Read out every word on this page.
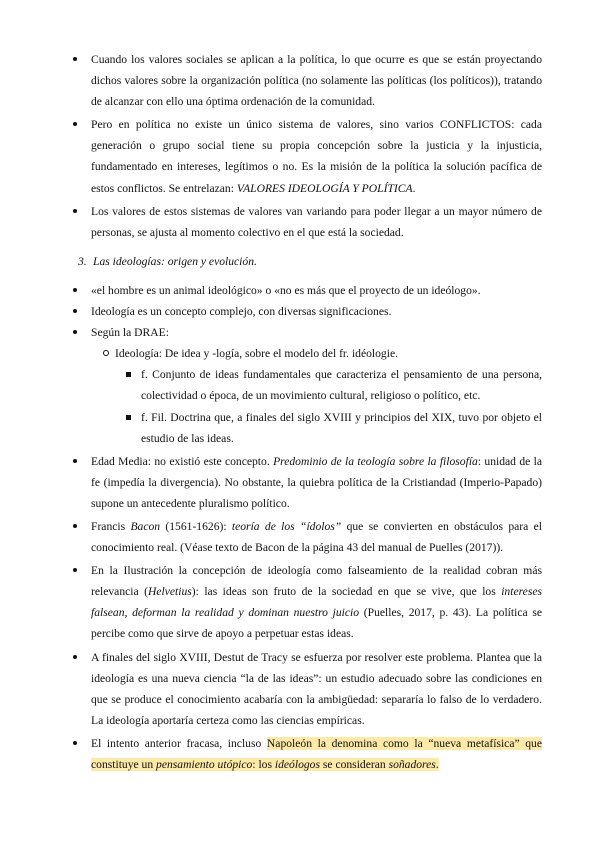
Cuando los valores sociales se aplican a la política, lo que ocurre es que se están proyectando dichos valores sobre la organización política (no solamente las políticas (los políticos)), tratando de alcanzar con ello una óptima ordenación de la comunidad.
Pero en política no existe un único sistema de valores, sino varios CONFLICTOS: cada generación o grupo social tiene su propia concepción sobre la justicia y la injusticia, fundamentado en intereses, legítimos o no. Es la misión de la política la solución pacífica de estos conflictos. Se entrelazan: VALORES IDEOLOGÍA Y POLÍTICA.
Los valores de estos sistemas de valores van variando para poder llegar a un mayor número de personas, se ajusta al momento colectivo en el que está la sociedad.
3. Las ideologías: origen y evolución.
«el hombre es un animal ideológico» o «no es más que el proyecto de un ideólogo».
Ideología es un concepto complejo, con diversas significaciones.
Según la DRAE:
Ideología: De idea y -logía, sobre el modelo del fr. idéologie.
f. Conjunto de ideas fundamentales que caracteriza el pensamiento de una persona, colectividad o época, de un movimiento cultural, religioso o político, etc.
f. Fil. Doctrina que, a finales del siglo XVIII y principios del XIX, tuvo por objeto el estudio de las ideas.
Edad Media: no existió este concepto. Predominio de la teología sobre la filosofía: unidad de la fe (impedía la divergencia). No obstante, la quiebra política de la Cristiandad (Imperio-Papado) supone un antecedente pluralismo político.
Francis Bacon (1561-1626): teoría de los “ídolos” que se convierten en obstáculos para el conocimiento real. (Véase texto de Bacon de la página 43 del manual de Puelles (2017)).
En la Ilustración la concepción de ideología como falseamiento de la realidad cobran más relevancia (Helvetius): las ideas son fruto de la sociedad en que se vive, que los intereses falsean, deforman la realidad y dominan nuestro juicio (Puelles, 2017, p. 43). La política se percibe como que sirve de apoyo a perpetuar estas ideas.
A finales del siglo XVIII, Destut de Tracy se esfuerza por resolver este problema. Plantea que la ideología es una nueva ciencia “la de las ideas”: un estudio adecuado sobre las condiciones en que se produce el conocimiento acabaría con la ambigüedad: separaría lo falso de lo verdadero. La ideología aportaría certeza como las ciencias empíricas.
El intento anterior fracasa, incluso Napoleón la denomina como la “nueva metafísica” que constituye un pensamiento utópico: los ideólogos se consideran soñadores.
